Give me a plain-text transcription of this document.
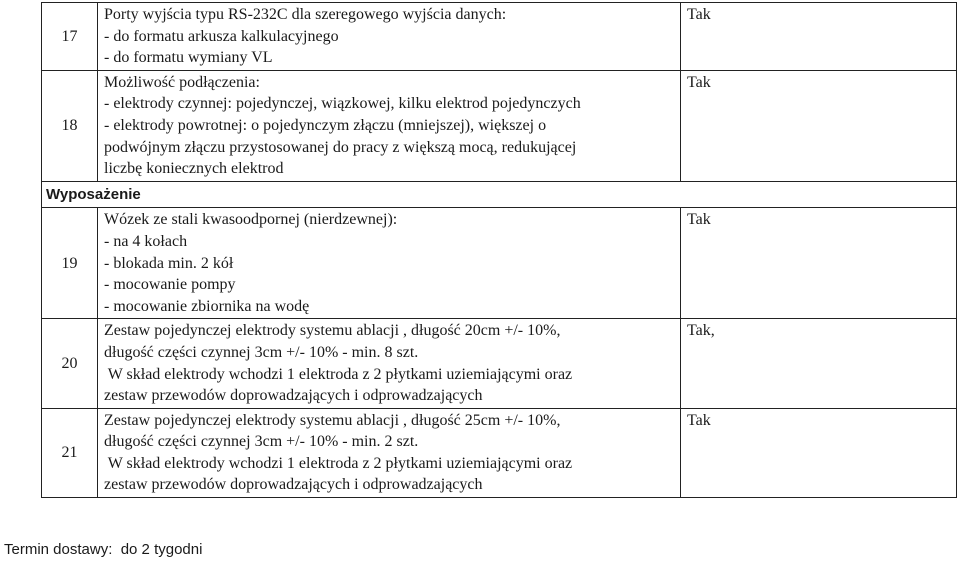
17	Porty wyjścia typu RS-232C dla szeregowego wyjścia danych:
- do formatu arkusza kalkulacyjnego
- do formatu wymiany VL	Tak
18	Możliwość podłączenia:
- elektrody czynnej: pojedynczej, wiązkowej, kilku elektrod pojedynczych
- elektrody powrotnej: o pojedynczym złączu (mniejszej), większej o
podwójnym złączu przystosowanej do pracy z większą mocą, redukującej
liczbę koniecznych elektrod	Tak
Wyposażenie		
19	Wózek ze stali kwasoodpornej (nierdzewnej):
- na 4 kołach
- blokada min. 2 kół
- mocowanie pompy
- mocowanie zbiornika na wodę	Tak
20	Zestaw pojedynczej elektrody systemu ablacji , długość 20cm +/- 10%,
długość części czynnej 3cm +/- 10% - min. 8 szt.
W skład elektrody wchodzi 1 elektroda z 2 płytkami uziemiającymi oraz
zestaw przewodów doprowadzających i odprowadzających	Tak,
21	Zestaw pojedynczej elektrody systemu ablacji , długość 25cm +/- 10%,
długość części czynnej 3cm +/- 10% - min. 2 szt.
W skład elektrody wchodzi 1 elektroda z 2 płytkami uziemiającymi oraz
zestaw przewodów doprowadzających i odprowadzających	Tak
Termin dostawy:  do 2 tygodni
